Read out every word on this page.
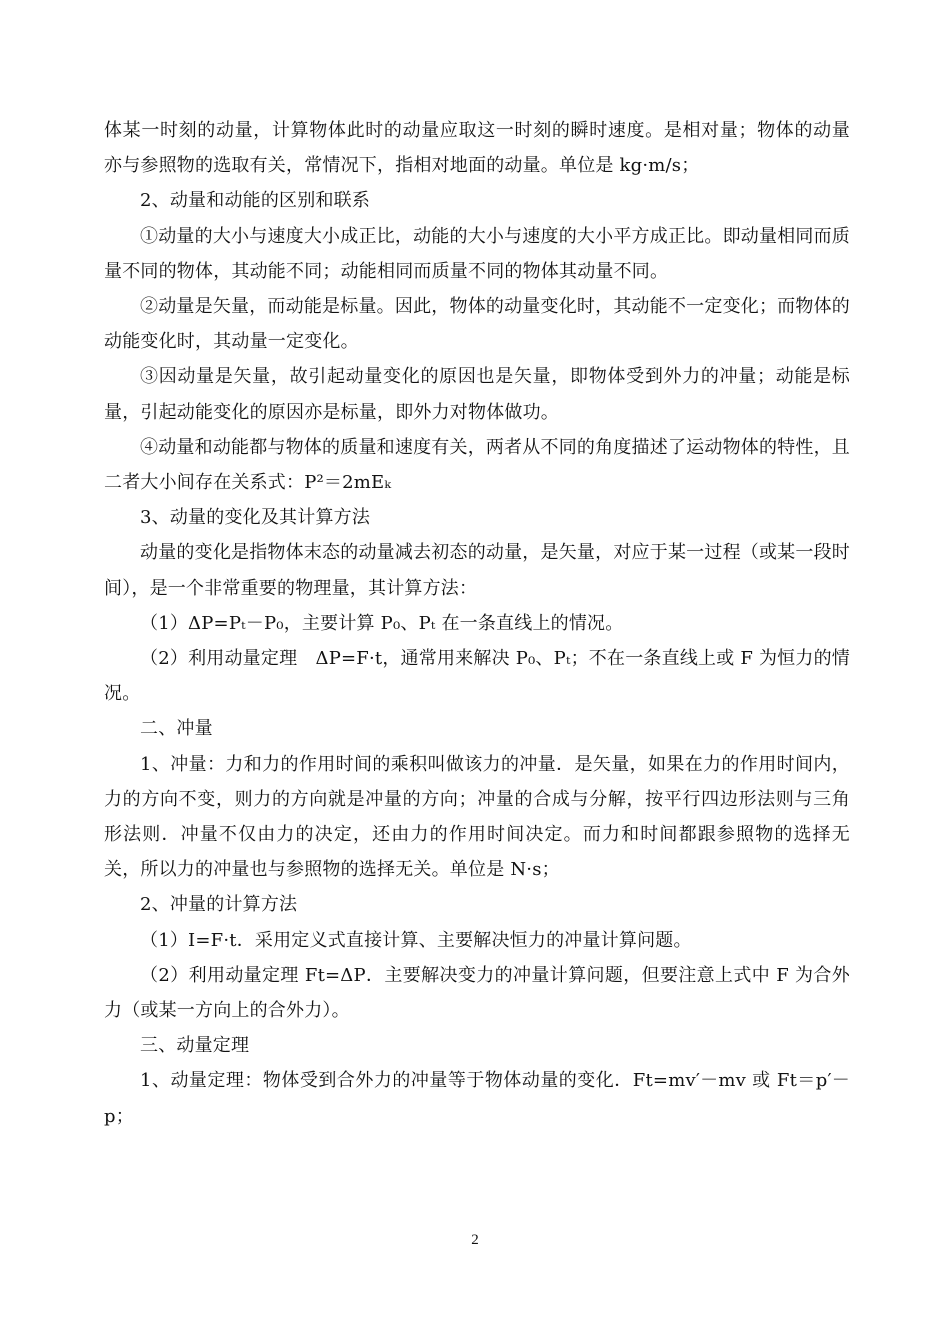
体某一时刻的动量，计算物体此时的动量应取这一时刻的瞬时速度。是相对量；物体的动量亦与参照物的选取有关，常情况下，指相对地面的动量。单位是 kg·m/s；

2、动量和动能的区别和联系

①动量的大小与速度大小成正比，动能的大小与速度的大小平方成正比。即动量相同而质量不同的物体，其动能不同；动能相同而质量不同的物体其动量不同。

②动量是矢量，而动能是标量。因此，物体的动量变化时，其动能不一定变化；而物体的动能变化时，其动量一定变化。

③因动量是矢量，故引起动量变化的原因也是矢量，即物体受到外力的冲量；动能是标量，引起动能变化的原因亦是标量，即外力对物体做功。

④动量和动能都与物体的质量和速度有关，两者从不同的角度描述了运动物体的特性，且二者大小间存在关系式：P²＝2mEₖ

3、动量的变化及其计算方法

动量的变化是指物体末态的动量减去初态的动量，是矢量，对应于某一过程（或某一段时间），是一个非常重要的物理量，其计算方法：

（1）ΔP=Pₜ－P₀，主要计算 P₀、Pₜ 在一条直线上的情况。

（2）利用动量定理　ΔP=F·t，通常用来解决 P₀、Pₜ；不在一条直线上或 F 为恒力的情况。

二、冲量

1、冲量：力和力的作用时间的乘积叫做该力的冲量．是矢量，如果在力的作用时间内，力的方向不变，则力的方向就是冲量的方向；冲量的合成与分解，按平行四边形法则与三角形法则．冲量不仅由力的决定，还由力的作用时间决定。而力和时间都跟参照物的选择无关，所以力的冲量也与参照物的选择无关。单位是 N·s；

2、冲量的计算方法

（1）I=F·t．采用定义式直接计算、主要解决恒力的冲量计算问题。

（2）利用动量定理 Ft=ΔP．主要解决变力的冲量计算问题，但要注意上式中 F 为合外力（或某一方向上的合外力）。

三、动量定理

1、动量定理：物体受到合外力的冲量等于物体动量的变化．Ft=mv′－mv 或 Ft＝p′－p；

2
